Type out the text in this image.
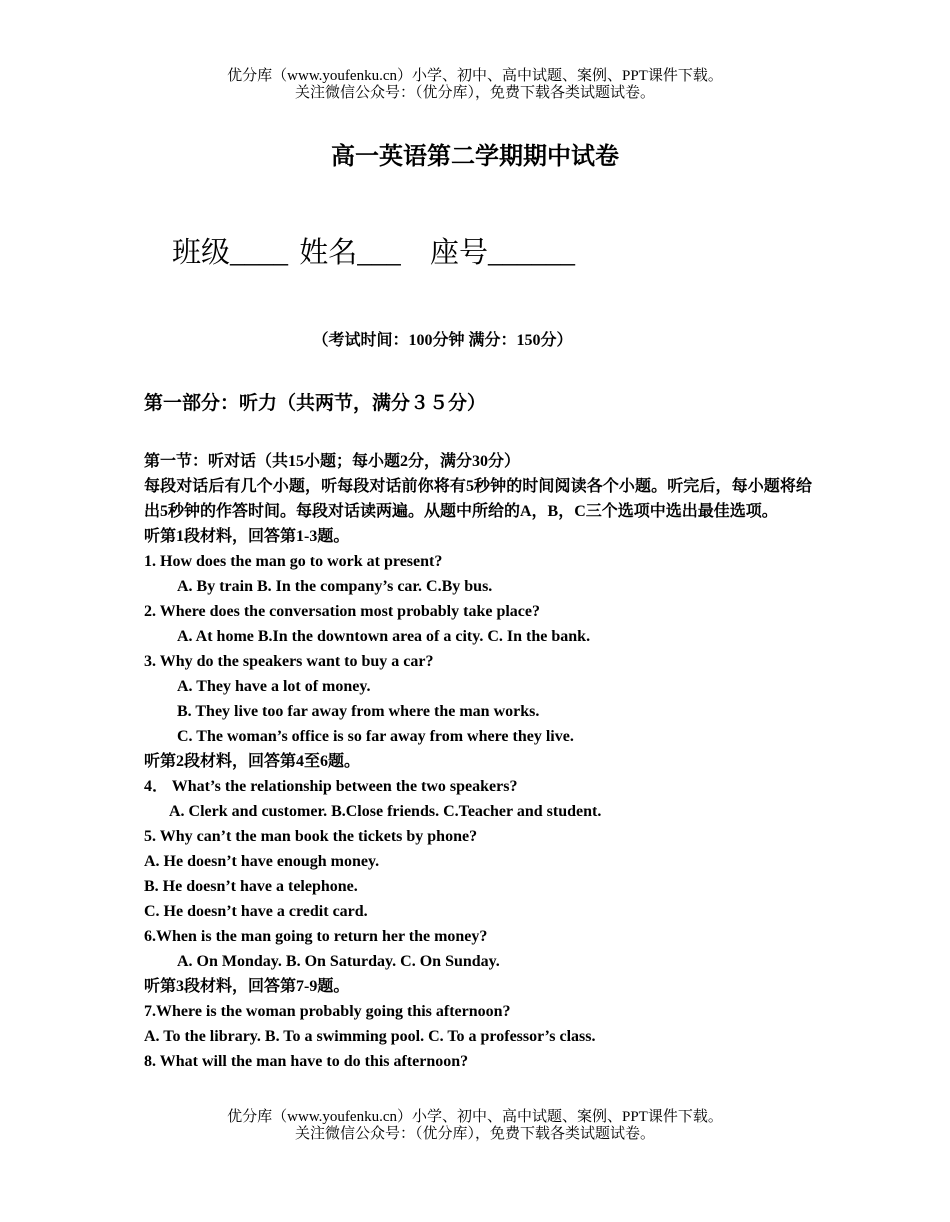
优分库（www.youfenku.cn）小学、初中、高中试题、案例、PPT课件下载。
关注微信公众号：（优分库），免费下载各类试题试卷。
高一英语第二学期期中试卷
班级____ 姓名___ 座号______
（考试时间：100分钟 满分：150分）
第一部分：听力（共两节，满分３５分）
第一节：听对话（共15小题；每小题2分，满分30分）
每段对话后有几个小题，听每段对话前你将有5秒钟的时间阅读各个小题。听完后，每小题将给出5秒钟的作答时间。每段对话读两遍。从题中所给的A，B，C三个选项中选出最佳选项。
听第1段材料，回答第1-3题。
1. How does the man go to work at present?
A. By train B. In the company’s car. C.By bus.
2. Where does the conversation most probably take place?
A. At home B.In the downtown area of a city. C. In the bank.
3. Why do the speakers want to buy a car?
A. They have a lot of money.
B. They live too far away from where the man works.
C. The woman’s office is so far away from where they live.
听第2段材料，回答第4至6题。
4． What’s the relationship between the two speakers?
A. Clerk and customer. B.Close friends. C.Teacher and student.
5. Why can’t the man book the tickets by phone?
A. He doesn’t have enough money.
B. He doesn’t have a telephone.
C. He doesn’t have a credit card.
6.When is the man going to return her the money?
A. On Monday. B. On Saturday. C. On Sunday.
听第3段材料，回答第7-9题。
7.Where is the woman probably going this afternoon?
A. To the library. B. To a swimming pool. C. To a professor’s class.
8. What will the man have to do this afternoon?
优分库（www.youfenku.cn）小学、初中、高中试题、案例、PPT课件下载。
关注微信公众号：（优分库），免费下载各类试题试卷。
